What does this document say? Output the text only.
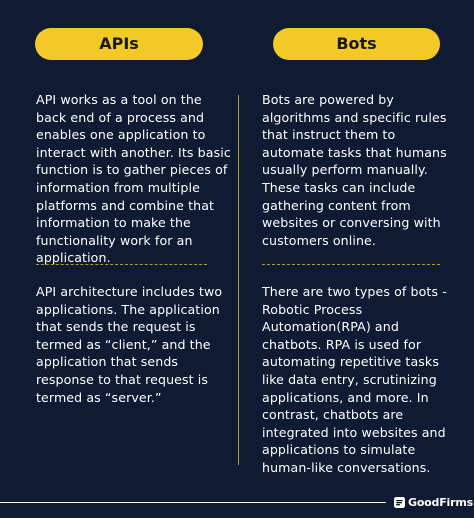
APIs	Bots
API works as a tool on the back end of a process and enables one application to interact with another. Its basic function is to gather pieces of information from multiple platforms and combine that information to make the functionality work for an application.
Bots are powered by algorithms and specific rules that instruct them to automate tasks that humans usually perform manually. These tasks can include gathering content from websites or conversing with customers online.
API architecture includes two applications. The application that sends the request is termed as “client,” and the application that sends response to that request is termed as “server.”
There are two types of bots - Robotic Process Automation(RPA) and chatbots. RPA is used for automating repetitive tasks like data entry, scrutinizing applications, and more. In contrast, chatbots are integrated into websites and applications to simulate human-like conversations.
GoodFirms
